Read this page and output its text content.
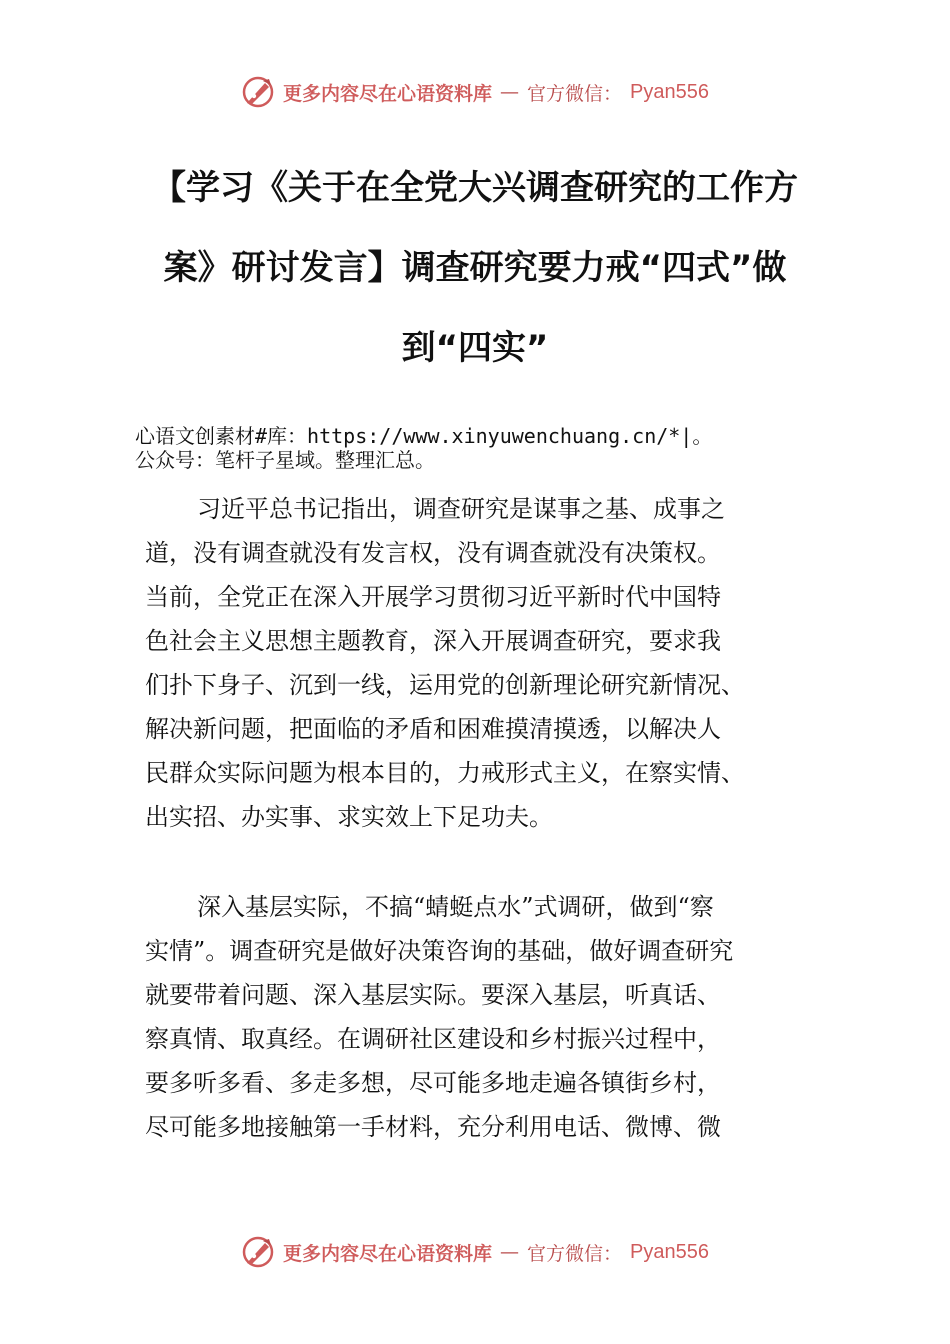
更多内容尽在心语资料库 — 官方微信： Pyan556
【学习《关于在全党大兴调查研究的工作方案》研讨发言】调查研究要力戒“四式”做到“四实”
心语文创素材#库：https://www.xinyuwenchuang.cn/*|。
公众号：笔杆子星域。整理汇总。
习近平总书记指出，调查研究是谋事之基、成事之
道，没有调查就没有发言权，没有调查就没有决策权。
当前，全党正在深入开展学习贯彻习近平新时代中国特
色社会主义思想主题教育，深入开展调查研究，要求我
们扑下身子、沉到一线，运用党的创新理论研究新情况、
解决新问题，把面临的矛盾和困难摸清摸透，以解决人
民群众实际问题为根本目的，力戒形式主义，在察实情、
出实招、办实事、求实效上下足功夫。
深入基层实际，不搞“蜻蜓点水”式调研，做到“察
实情”。调查研究是做好决策咨询的基础，做好调查研究
就要带着问题、深入基层实际。要深入基层，听真话、
察真情、取真经。在调研社区建设和乡村振兴过程中，
要多听多看、多走多想，尽可能多地走遍各镇街乡村，
尽可能多地接触第一手材料，充分利用电话、微博、微
更多内容尽在心语资料库 — 官方微信： Pyan556
